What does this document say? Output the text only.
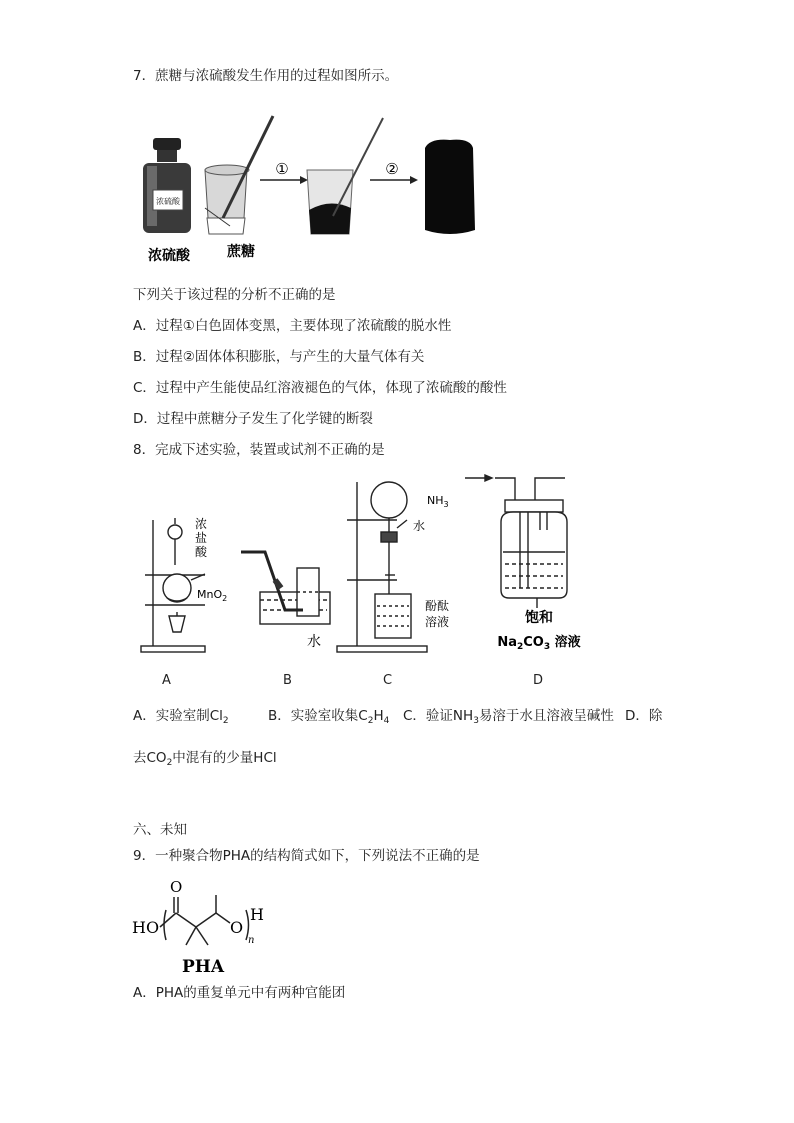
7．蔗糖与浓硫酸发生作用的过程如图所示。
浓硫酸
①	②
浓硫酸	蔗糖
下列关于该过程的分析不正确的是
A．过程①白色固体变黑，主要体现了浓硫酸的脱水性
B．过程②固体体积膨胀，与产生的大量气体有关
C．过程中产生能使品红溶液褪色的气体，体现了浓硫酸的酸性
D．过程中蔗糖分子发生了化学键的断裂
8．完成下述实验，装置或试剂不正确的是
浓
盐
酸
MnO$_2$
水
$NH_3$
水
酚酞
溶液	饱和
$Na_2CO_3$ 溶液
A	B	C	D
A．实验室制$Cl_2$	B．实验室收集$C_2H_4$ C．验证$NH_3$易溶于水且溶液呈碱性 D．除
去$CO_2$中混有的少量HCl
六、未知
9．一种聚合物PHA的结构简式如下，下列说法不正确的是
HO
O
O
H
n
PHA
A．PHA的重复单元中有两种官能团
